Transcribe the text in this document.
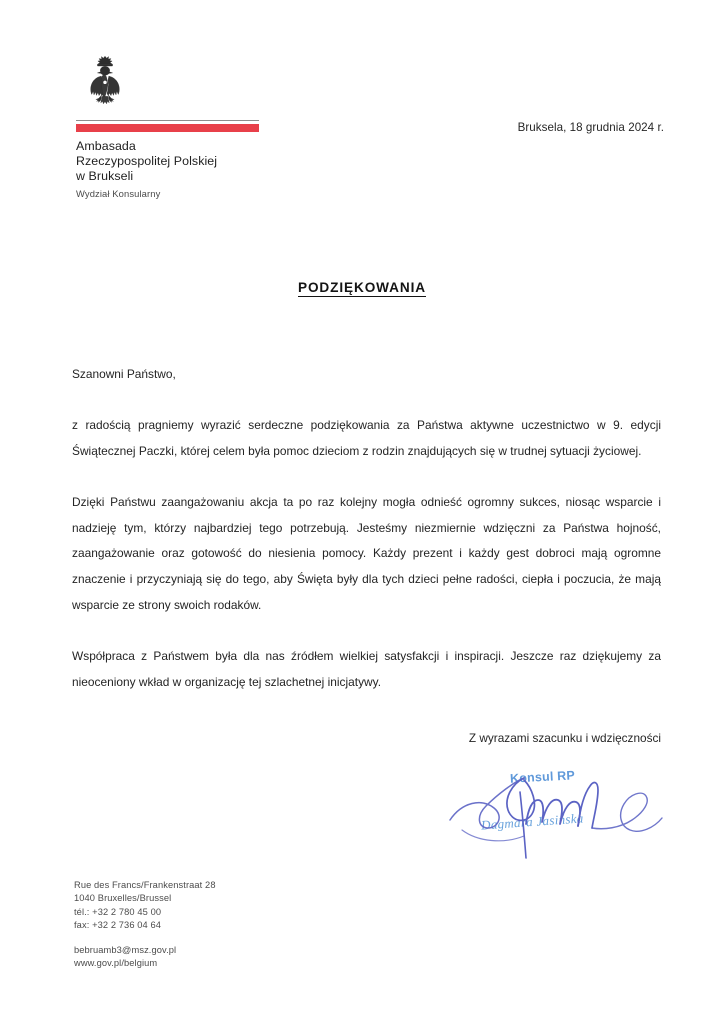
Ambasada
Rzeczypospolitej Polskiej
w Brukseli
Wydział Konsularny
Bruksela, 18 grudnia 2024 r.
PODZIĘKOWANIA
Szanowni Państwo,

z radością pragniemy wyrazić serdeczne podziękowania za Państwa aktywne uczestnictwo w 9. edycji Świątecznej Paczki, której celem była pomoc dzieciom z rodzin znajdujących się w trudnej sytuacji życiowej.

Dzięki Państwu zaangażowaniu akcja ta po raz kolejny mogła odnieść ogromny sukces, niosąc wsparcie i nadzieję tym, którzy najbardziej tego potrzebują. Jesteśmy niezmiernie wdzięczni za Państwa hojność, zaangażowanie oraz gotowość do niesienia pomocy. Każdy prezent i każdy gest dobroci mają ogromne znaczenie i przyczyniają się do tego, aby Święta były dla tych dzieci pełne radości, ciepła i poczucia, że mają wsparcie ze strony swoich rodaków.

Współpraca z Państwem była dla nas źródłem wielkiej satysfakcji i inspiracji. Jeszcze raz dziękujemy za nieoceniony wkład w organizację tej szlachetnej inicjatywy.

Z wyrazami szacunku i wdzięczności
Konsul RP
Dagmara Jasińska
Rue des Francs/Frankenstraat 28
1040 Bruxelles/Brussel
tél.: +32 2 780 45 00
fax: +32 2 736 04 64
bebruamb3@msz.gov.pl
www.gov.pl/belgium
